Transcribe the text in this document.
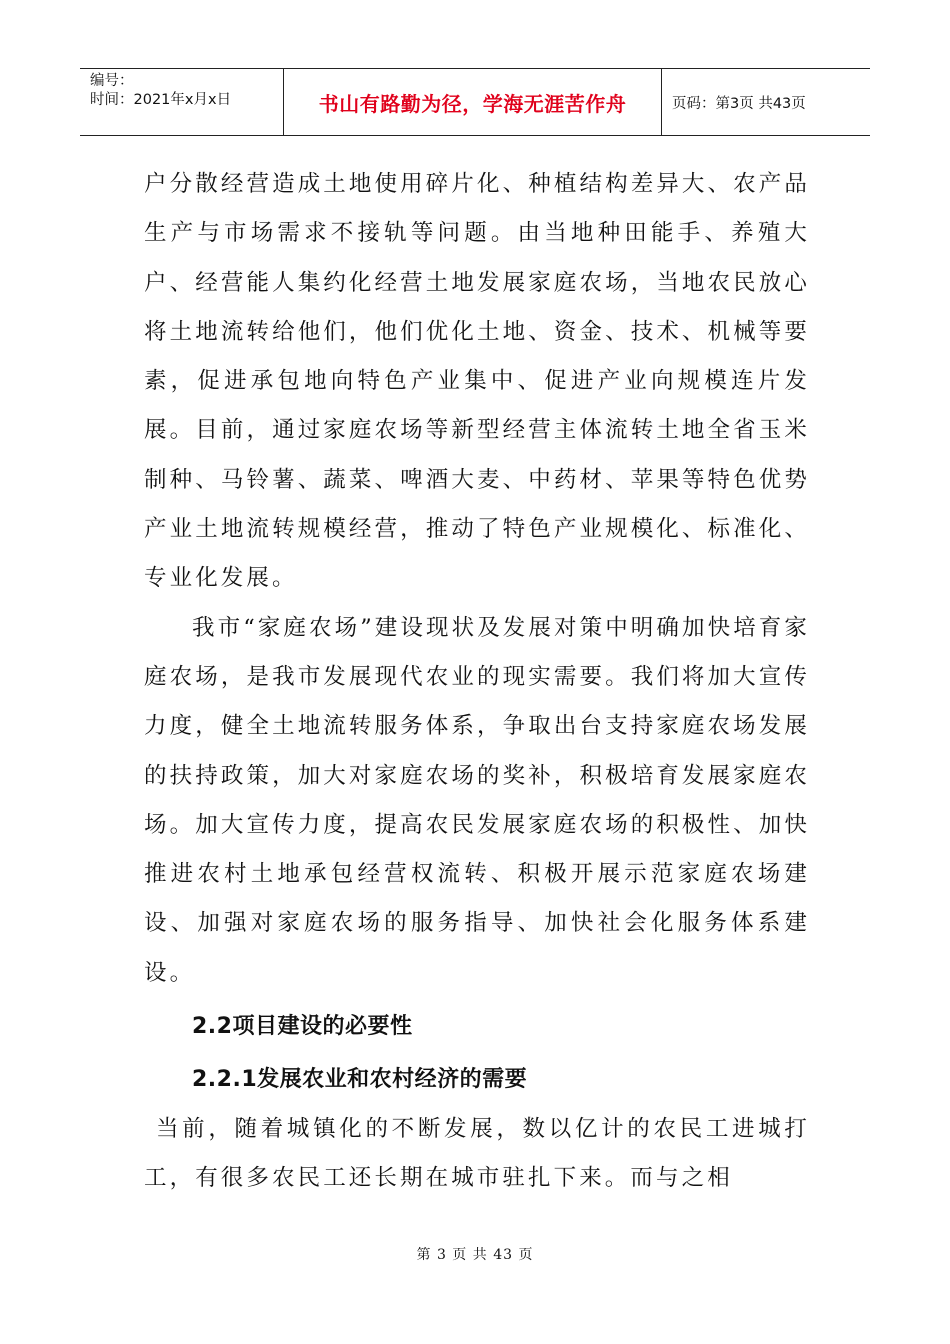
编号：
时间：2021年x月x日	书山有路勤为径，学海无涯苦作舟	页码：第3页 共43页

户分散经营造成土地使用碎片化、种植结构差异大、农产品生产与市场需求不接轨等问题。由当地种田能手、养殖大户、经营能人集约化经营土地发展家庭农场，当地农民放心将土地流转给他们，他们优化土地、资金、技术、机械等要素，促进承包地向特色产业集中、促进产业向规模连片发展。目前，通过家庭农场等新型经营主体流转土地全省玉米制种、马铃薯、蔬菜、啤酒大麦、中药材、苹果等特色优势产业土地流转规模经营，推动了特色产业规模化、标准化、专业化发展。

我市“家庭农场”建设现状及发展对策中明确加快培育家庭农场，是我市发展现代农业的现实需要。我们将加大宣传力度，健全土地流转服务体系，争取出台支持家庭农场发展的扶持政策，加大对家庭农场的奖补，积极培育发展家庭农场。加大宣传力度，提高农民发展家庭农场的积极性、加快推进农村土地承包经营权流转、积极开展示范家庭农场建设、加强对家庭农场的服务指导、加快社会化服务体系建设。

2.2项目建设的必要性

2.2.1发展农业和农村经济的需要

当前，随着城镇化的不断发展，数以亿计的农民工进城打工，有很多农民工还长期在城市驻扎下来。而与之相

第 3 页 共 43 页
